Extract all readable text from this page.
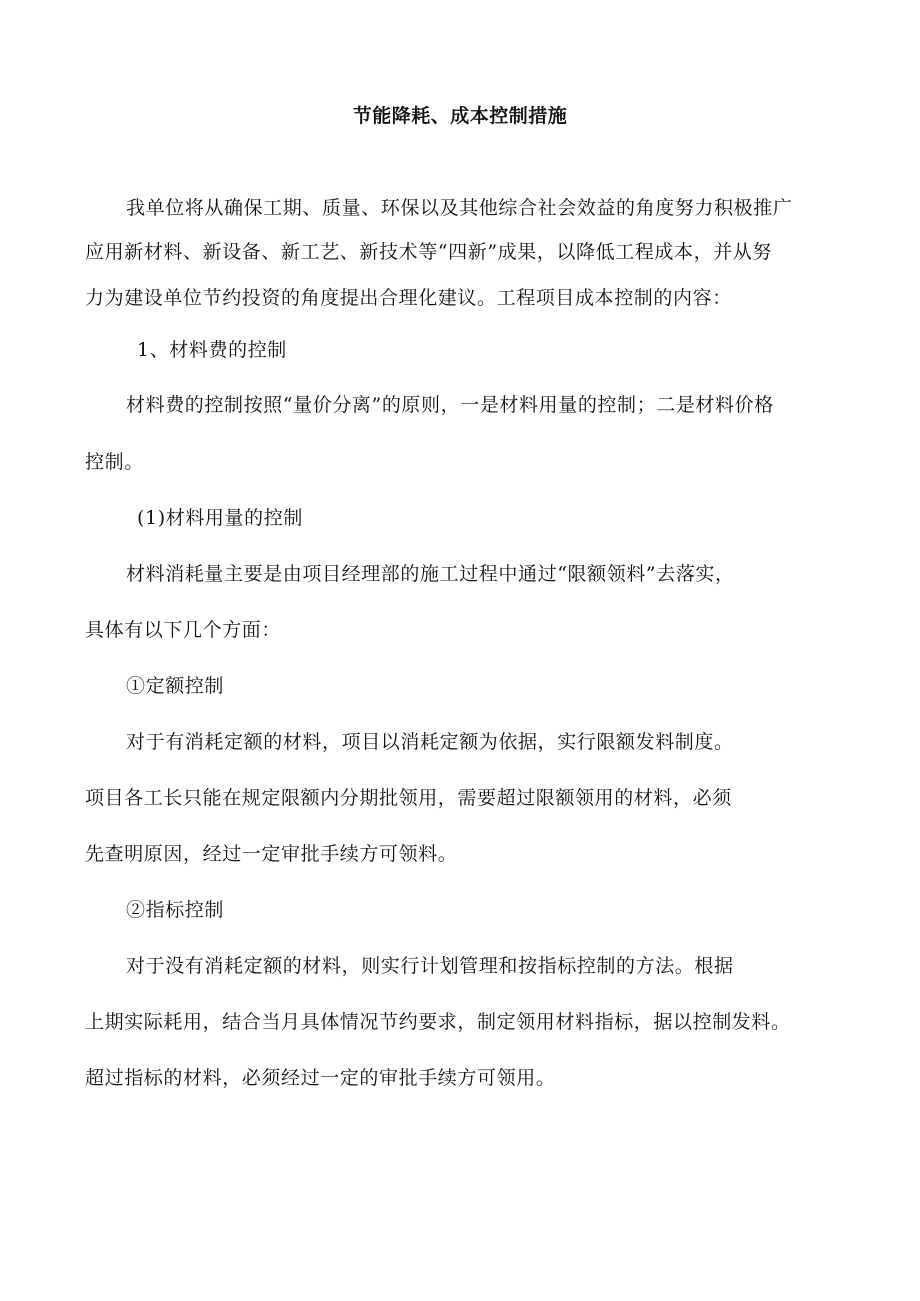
节能降耗、成本控制措施
我单位将从确保工期、质量、环保以及其他综合社会效益的角度努力积极推广
应用新材料、新设备、新工艺、新技术等“四新”成果，以降低工程成本，并从努
力为建设单位节约投资的角度提出合理化建议。工程项目成本控制的内容：
1、材料费的控制
材料费的控制按照“量价分离”的原则，一是材料用量的控制；二是材料价格
控制。
(1)材料用量的控制
材料消耗量主要是由项目经理部的施工过程中通过“限额领料”去落实，
具体有以下几个方面：
①定额控制
对于有消耗定额的材料，项目以消耗定额为依据，实行限额发料制度。
项目各工长只能在规定限额内分期批领用，需要超过限额领用的材料，必须
先查明原因，经过一定审批手续方可领料。
②指标控制
对于没有消耗定额的材料，则实行计划管理和按指标控制的方法。根据
上期实际耗用，结合当月具体情况节约要求，制定领用材料指标，据以控制发料。
超过指标的材料，必须经过一定的审批手续方可领用。
